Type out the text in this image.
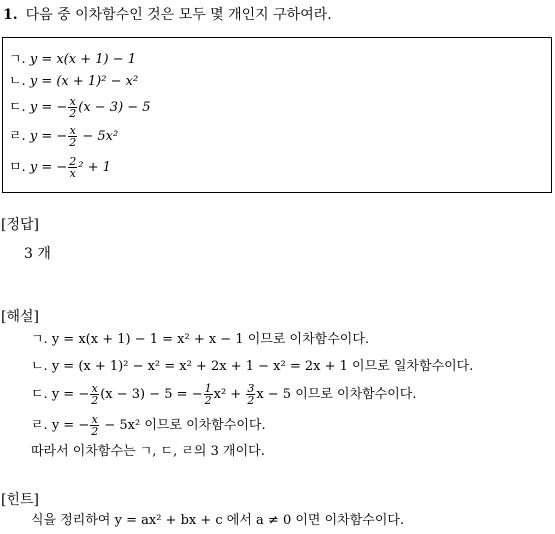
1. 다음 중 이차함수인 것은 모두 몇 개인지 구하여라.
ㄱ. y = x(x + 1) − 1
ㄴ. y = (x + 1)² − x²
ㄷ. y = − $\frac{x}{2} (x - 3) - 5$
ㄹ. y = − $\frac{x}{2} - 5x^2$
ㅁ. y = − $\frac{2}{x} ^2 + 1$
[정답]
3 개
[해설]
ㄱ. y = x(x + 1) − 1 = x² + x − 1 이므로 이차함수이다.
ㄴ. y = (x + 1)² − x² = x² + 2x + 1 − x² = 2x + 1 이므로 일차함수이다.
ㄷ. y = − $\frac{x}{2} (x - 3) - 5$ = − $\frac{1}{2} x^2 + \frac{3}{2}$ x − 5 이므로 이차함수이다.
ㄹ. y = − $\frac{x}{2} - 5x^2$ 이므로 이차함수이다.
따라서 이차함수는 ㄱ, ㄷ, ㄹ의 3 개이다.
[힌트]
식을 정리하여 y = ax² + bx + c 에서 a ≠ 0 이면 이차함수이다.
